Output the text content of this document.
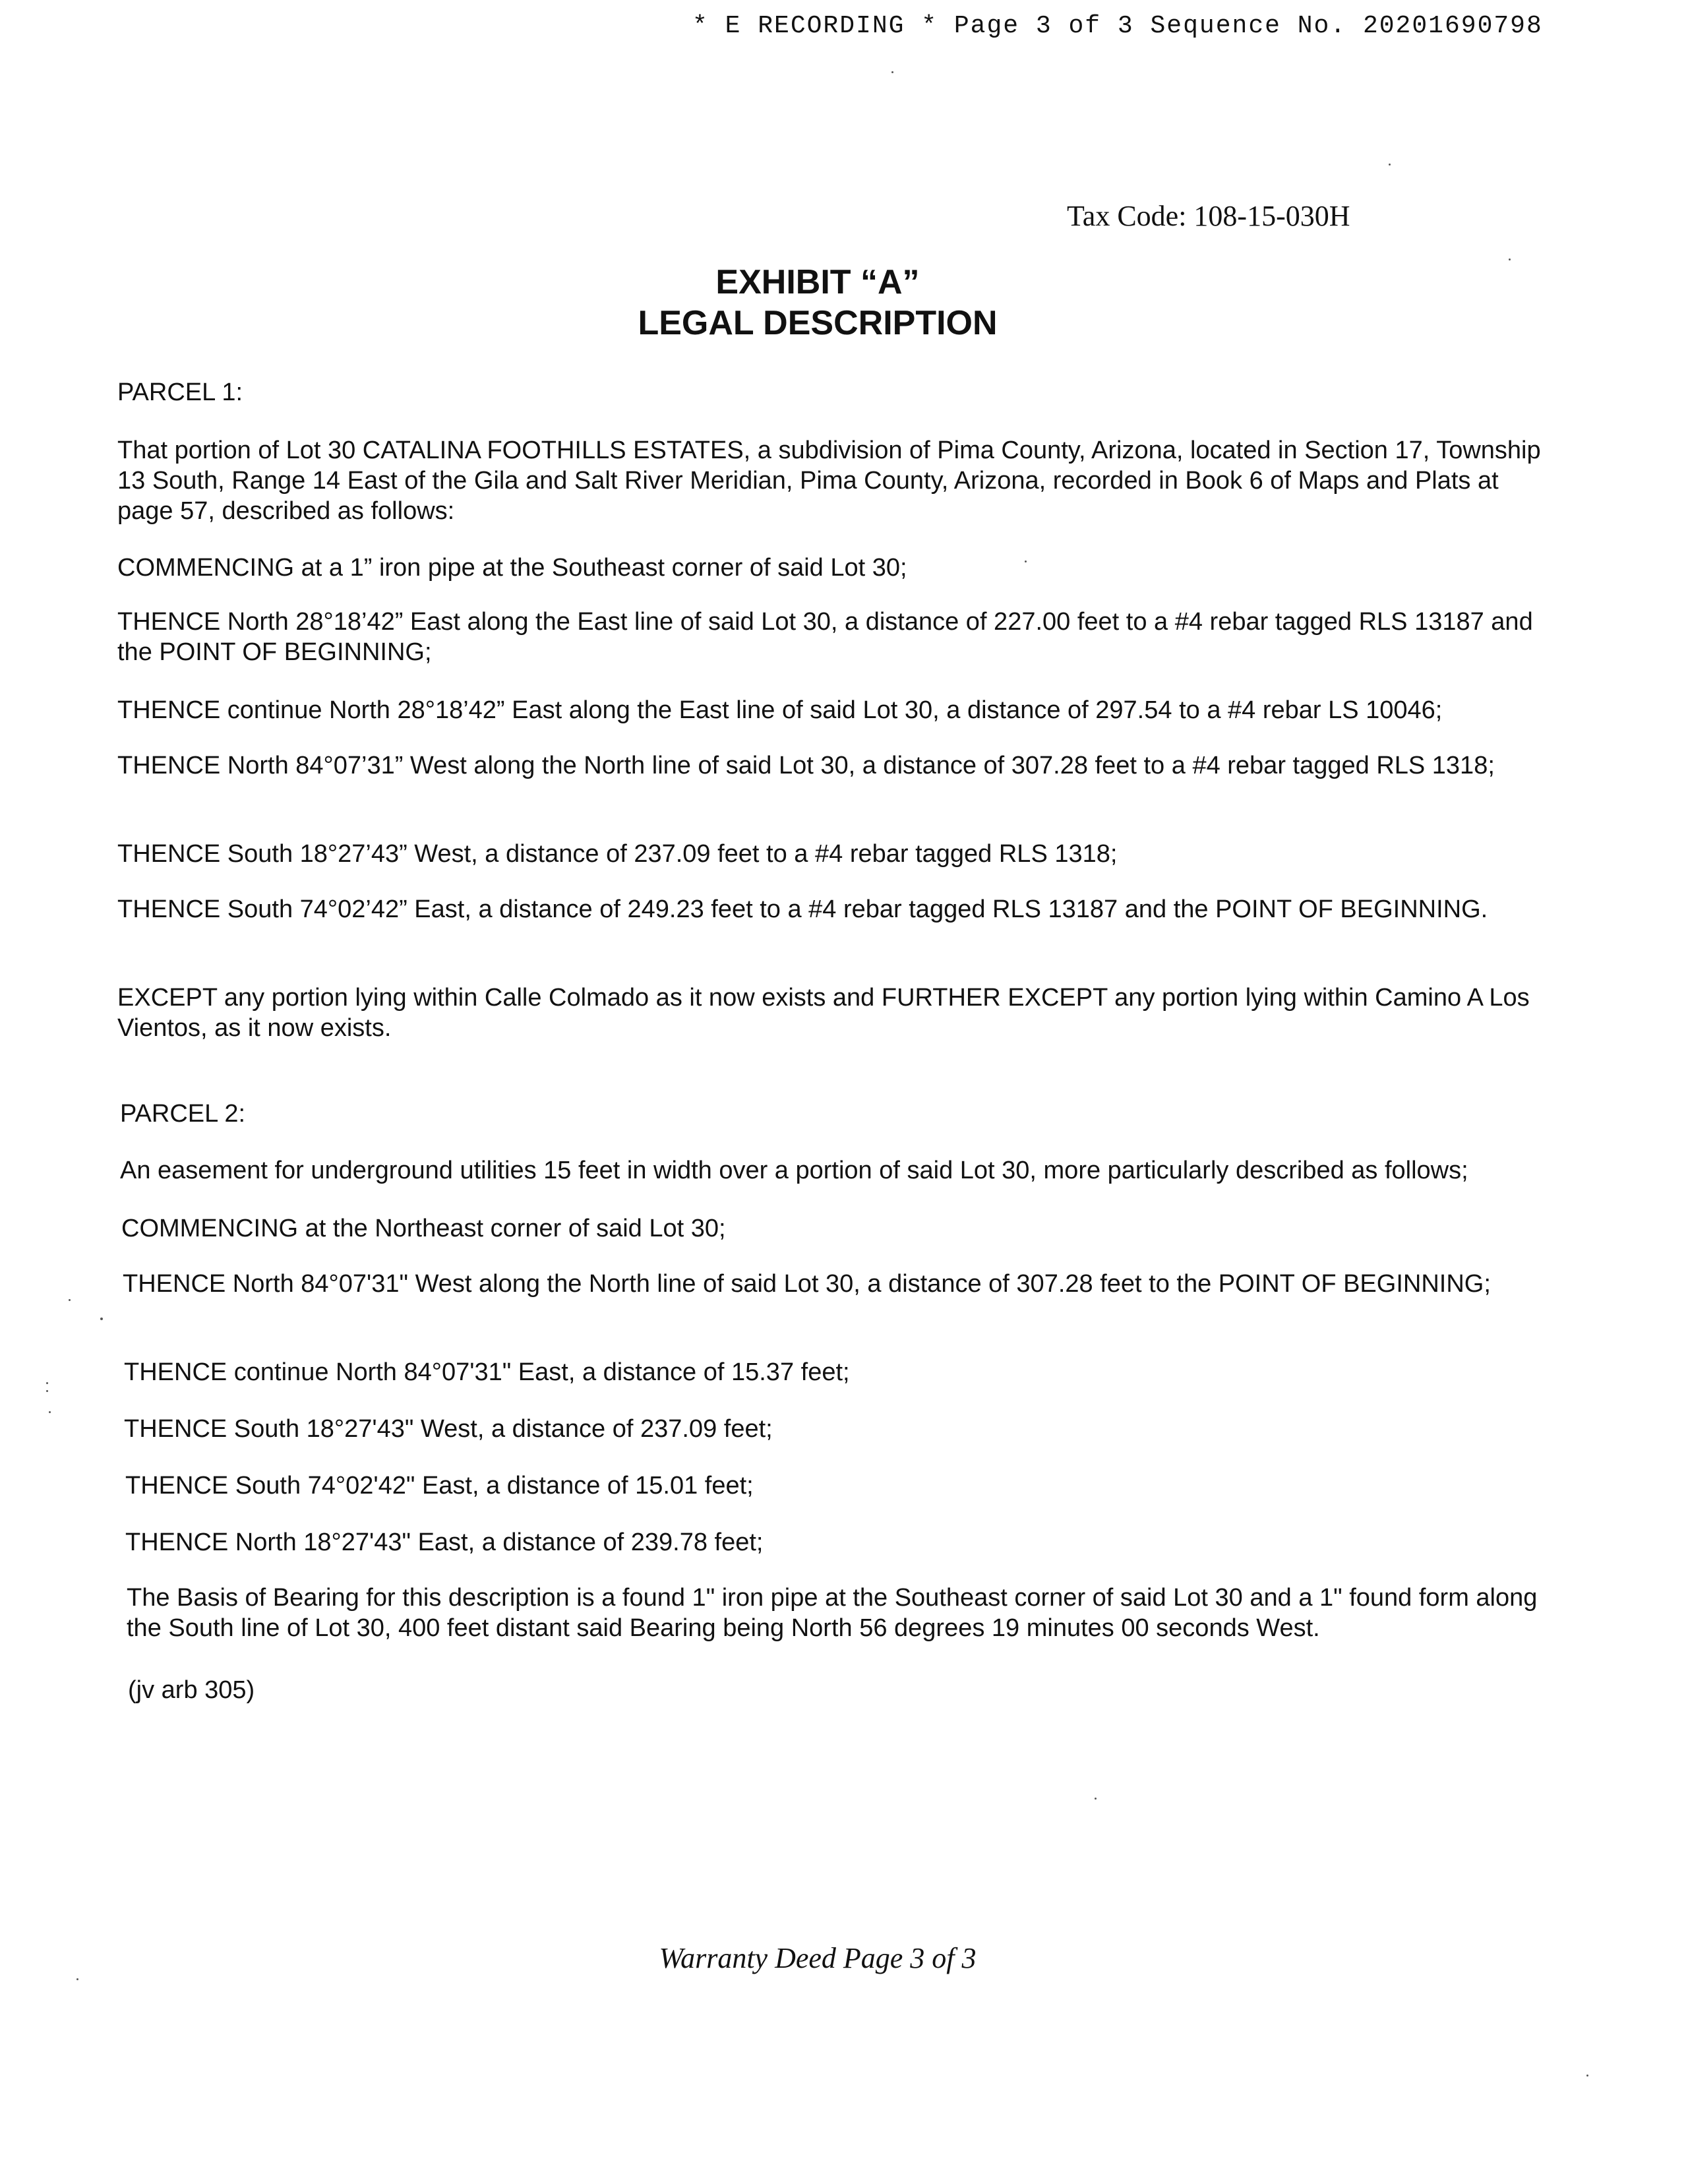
* E RECORDING * Page 3 of 3 Sequence No. 20201690798
Tax Code: 108-15-030H
EXHIBIT “A”
LEGAL DESCRIPTION
PARCEL 1:
That portion of Lot 30 CATALINA FOOTHILLS ESTATES, a subdivision of Pima County, Arizona, located in Section 17, Township 13 South, Range 14 East of the Gila and Salt River Meridian, Pima County, Arizona, recorded in Book 6 of Maps and Plats at page 57, described as follows:
COMMENCING at a 1” iron pipe at the Southeast corner of said Lot 30;
THENCE North 28°18’42” East along the East line of said Lot 30, a distance of 227.00 feet to a #4 rebar tagged RLS 13187 and the POINT OF BEGINNING;
THENCE continue North 28°18’42” East along the East line of said Lot 30, a distance of 297.54 to a #4 rebar LS 10046;
THENCE North 84°07’31” West along the North line of said Lot 30, a distance of 307.28 feet to a #4 rebar tagged RLS 1318;
THENCE South 18°27’43” West, a distance of 237.09 feet to a #4 rebar tagged RLS 1318;
THENCE South 74°02’42” East, a distance of 249.23 feet to a #4 rebar tagged RLS 13187 and the POINT OF BEGINNING.
EXCEPT any portion lying within Calle Colmado as it now exists and FURTHER EXCEPT any portion lying within Camino A Los Vientos, as it now exists.
PARCEL 2:
An easement for underground utilities 15 feet in width over a portion of said Lot 30, more particularly described as follows;
COMMENCING at the Northeast corner of said Lot 30;
THENCE North 84°07'31" West along the North line of said Lot 30, a distance of 307.28 feet to the POINT OF BEGINNING;
THENCE continue North 84°07'31" East, a distance of 15.37 feet;
THENCE South 18°27'43" West, a distance of 237.09 feet;
THENCE South 74°02'42" East, a distance of 15.01 feet;
THENCE North 18°27'43" East, a distance of 239.78 feet;
The Basis of Bearing for this description is a found 1" iron pipe at the Southeast corner of said Lot 30 and a 1" found form along the South line of Lot 30, 400 feet distant said Bearing being North 56 degrees 19 minutes 00 seconds West.
(jv arb 305)
Warranty Deed Page 3 of 3
